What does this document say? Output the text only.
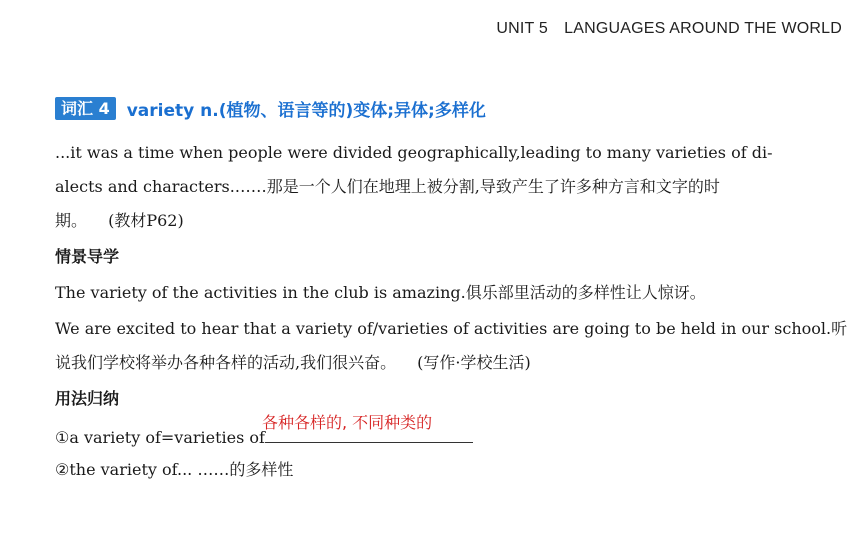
UNIT 5 LANGUAGES AROUND THE WORLD
词汇 4	variety n.(植物、语言等的)变体;异体;多样化
...it was a time when people were divided geographically,leading to many varieties of di-
alects and characters.……那是一个人们在地理上被分割,导致产生了许多种方言和文字的时
期。  (教材P62)
情景导学
The variety of the activities in the club is amazing.俱乐部里活动的多样性让人惊讶。
We are excited to hear that a variety of/varieties of activities are going to be held in our school.听
说我们学校将举办各种各样的活动,我们很兴奋。  (写作·学校生活)
用法归纳
①a variety of=varieties of
各种各样的, 不同种类的
②the variety of... ……的多样性
